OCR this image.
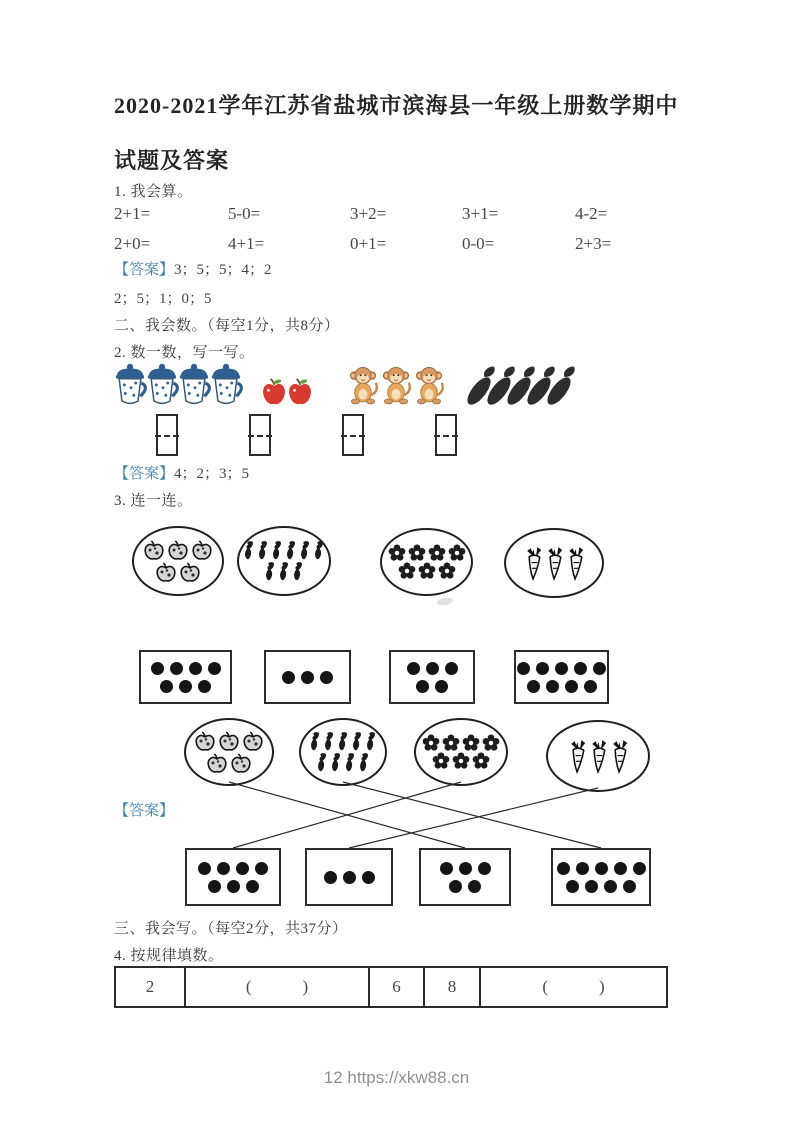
2020-2021学年江苏省盐城市滨海县一年级上册数学期中试题及答案
1. 我会算。
2+1=	5-0=	3+2=	3+1=	4-2=
2+0=	4+1=	0+1=	0-0=	2+3=
【答案】3；5；5；4；2
2；5；1；0；5
二、我会数。（每空1分，共8分）
2. 数一数，写一写。
【答案】4；2；3；5
3. 连一连。
【答案】
三、我会写。（每空2分，共37分）
4. 按规律填数。
2	(            )	6	8	(            )
12 https://xkw88.cn
